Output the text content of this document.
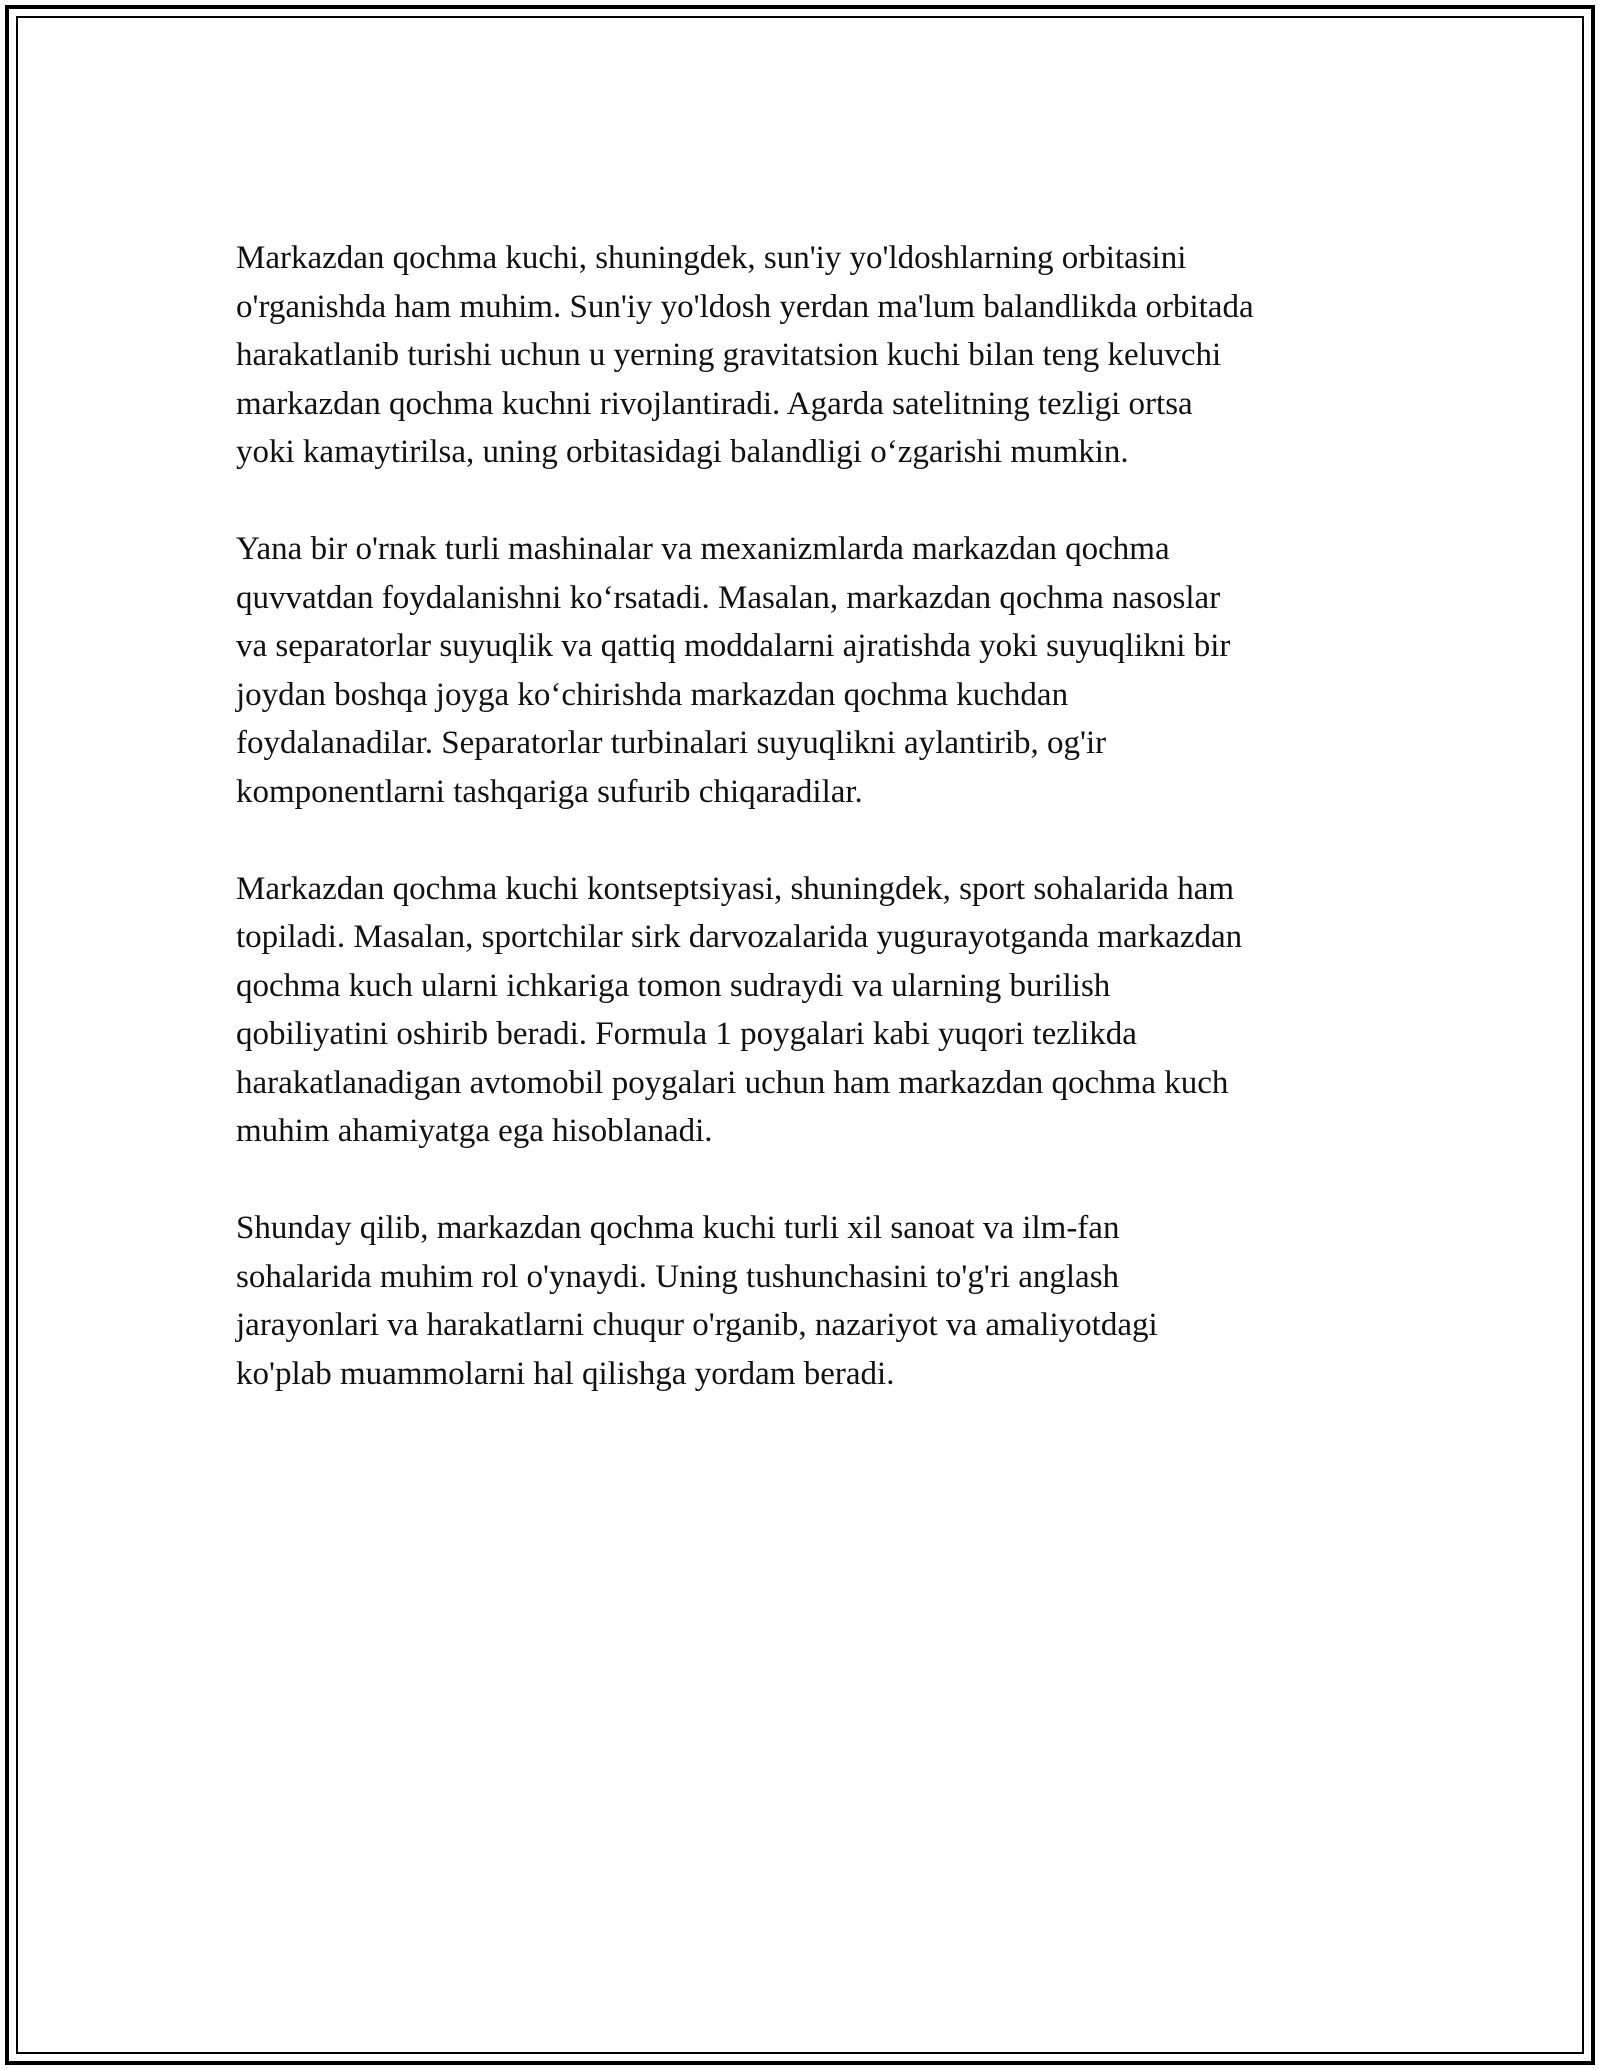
Markazdan qochma kuchi, shuningdek, sun'iy yo'ldoshlarning orbitasini
o'rganishda ham muhim. Sun'iy yo'ldosh yerdan ma'lum balandlikda orbitada
harakatlanib turishi uchun u yerning gravitatsion kuchi bilan teng keluvchi
markazdan qochma kuchni rivojlantiradi. Agarda satelitning tezligi ortsa
yoki kamaytirilsa, uning orbitasidagi balandligi o‘zgarishi mumkin.

Yana bir o'rnak turli mashinalar va mexanizmlarda markazdan qochma
quvvatdan foydalanishni ko‘rsatadi. Masalan, markazdan qochma nasoslar
va separatorlar suyuqlik va qattiq moddalarni ajratishda yoki suyuqlikni bir
joydan boshqa joyga ko‘chirishda markazdan qochma kuchdan
foydalanadilar. Separatorlar turbinalari suyuqlikni aylantirib, og'ir
komponentlarni tashqariga sufurib chiqaradilar.

Markazdan qochma kuchi kontseptsiyasi, shuningdek, sport sohalarida ham
topiladi. Masalan, sportchilar sirk darvozalarida yugurayotganda markazdan
qochma kuch ularni ichkariga tomon sudraydi va ularning burilish
qobiliyatini oshirib beradi. Formula 1 poygalari kabi yuqori tezlikda
harakatlanadigan avtomobil poygalari uchun ham markazdan qochma kuch
muhim ahamiyatga ega hisoblanadi.

Shunday qilib, markazdan qochma kuchi turli xil sanoat va ilm-fan
sohalarida muhim rol o'ynaydi. Uning tushunchasini to'g'ri anglash
jarayonlari va harakatlarni chuqur o'rganib, nazariyot va amaliyotdagi
ko'plab muammolarni hal qilishga yordam beradi.
